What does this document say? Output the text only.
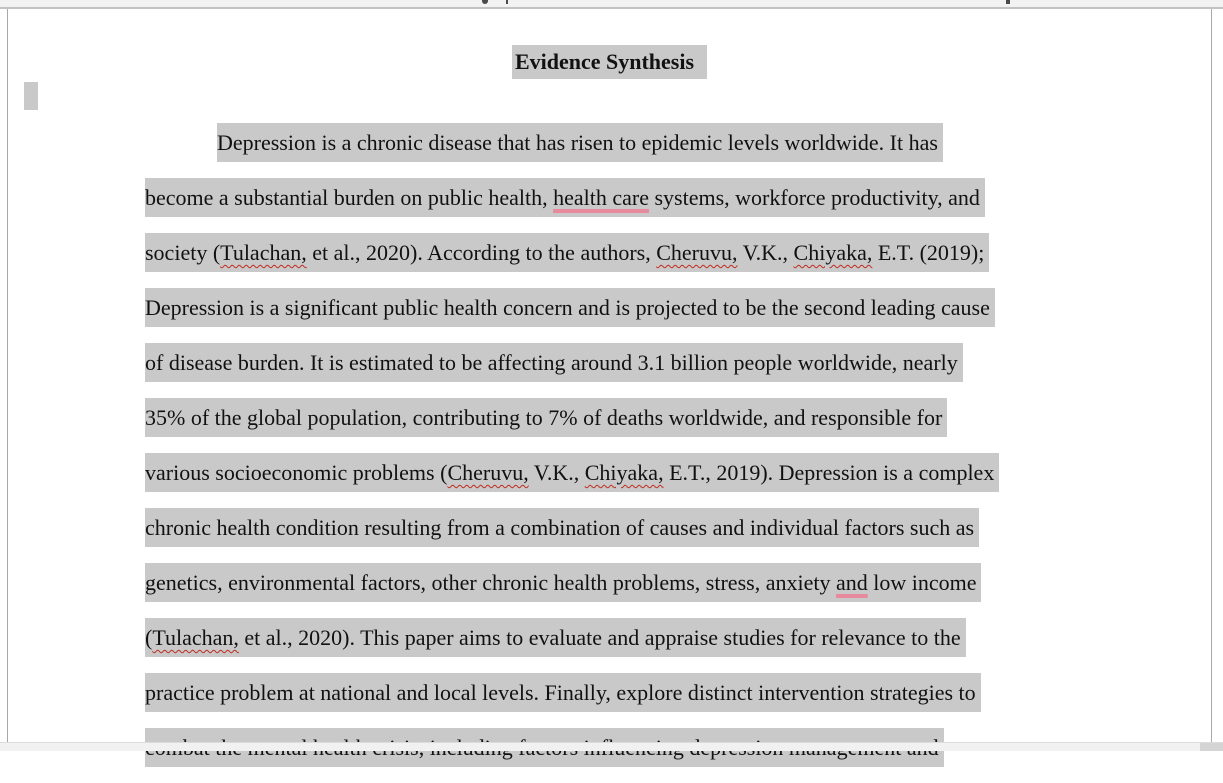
Evidence Synthesis
Depression is a chronic disease that has risen to epidemic levels worldwide. It has
become a substantial burden on public health, health care systems, workforce productivity, and
society (Tulachan, et al., 2020). According to the authors, Cheruvu, V.K., Chiyaka, E.T. (2019);
Depression is a significant public health concern and is projected to be the second leading cause
of disease burden. It is estimated to be affecting around 3.1 billion people worldwide, nearly
35% of the global population, contributing to 7% of deaths worldwide, and responsible for
various socioeconomic problems (Cheruvu, V.K., Chiyaka, E.T., 2019). Depression is a complex
chronic health condition resulting from a combination of causes and individual factors such as
genetics, environmental factors, other chronic health problems, stress, anxiety and low income
(Tulachan, et al., 2020). This paper aims to evaluate and appraise studies for relevance to the
practice problem at national and local levels. Finally, explore distinct intervention strategies to
